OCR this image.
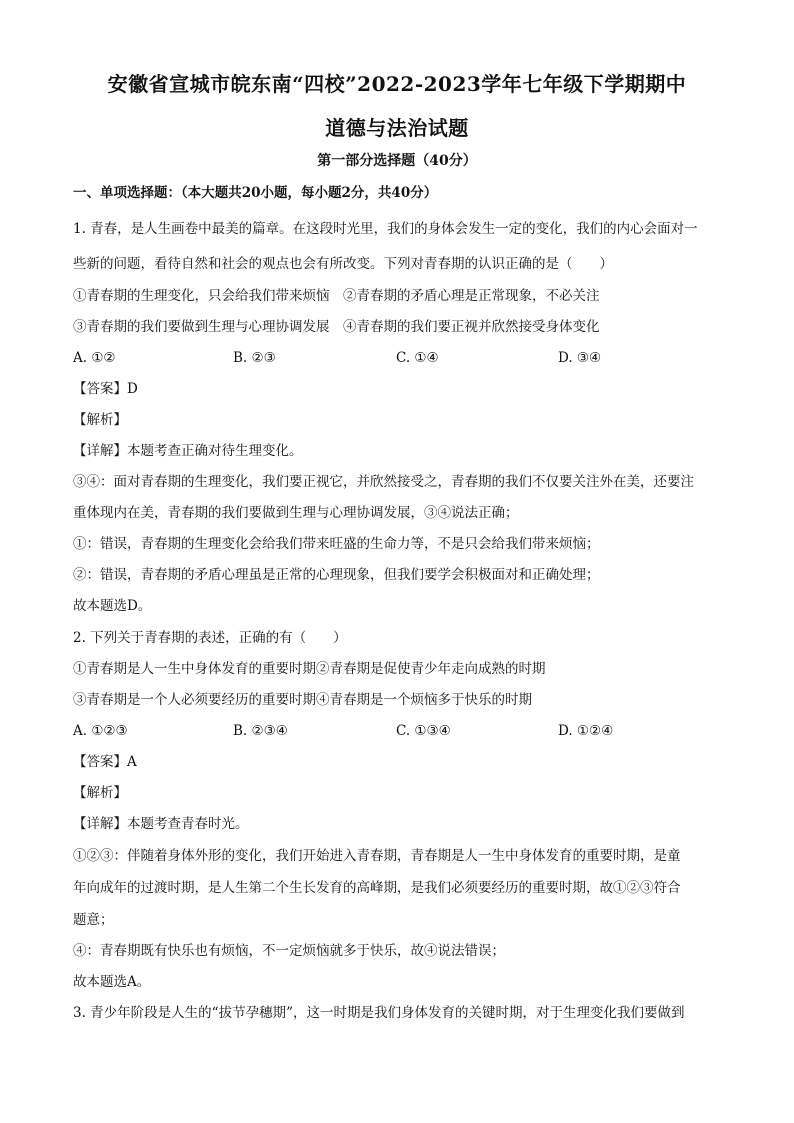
安徽省宣城市皖东南“四校”2022-2023学年七年级下学期期中
道德与法治试题
第一部分选择题（40分）
一、单项选择题：（本大题共20小题，每小题2分，共40分）
1. 青春，是人生画卷中最美的篇章。在这段时光里，我们的身体会发生一定的变化，我们的内心会面对一
些新的问题，看待自然和社会的观点也会有所改变。下列对青春期的认识正确的是（　　）
①青春期的生理变化，只会给我们带来烦恼　②青春期的矛盾心理是正常现象，不必关注
③青春期的我们要做到生理与心理协调发展　④青春期的我们要正视并欣然接受身体变化
A. ①②	B. ②③	C. ①④	D. ③④
【答案】D
【解析】
【详解】本题考查正确对待生理变化。
③④：面对青春期的生理变化，我们要正视它，并欣然接受之，青春期的我们不仅要关注外在美，还要注
重体现内在美，青春期的我们要做到生理与心理协调发展，③④说法正确；
①：错误，青春期的生理变化会给我们带来旺盛的生命力等，不是只会给我们带来烦恼；
②：错误，青春期的矛盾心理虽是正常的心理现象，但我们要学会积极面对和正确处理；
故本题选D。
2. 下列关于青春期的表述，正确的有（　　）
①青春期是人一生中身体发育的重要时期②青春期是促使青少年走向成熟的时期
③青春期是一个人必须要经历的重要时期④青春期是一个烦恼多于快乐的时期
A. ①②③	B. ②③④	C. ①③④	D. ①②④
【答案】A
【解析】
【详解】本题考查青春时光。
①②③：伴随着身体外形的变化，我们开始进入青春期，青春期是人一生中身体发育的重要时期，是童
年向成年的过渡时期，是人生第二个生长发育的高峰期，是我们必须要经历的重要时期，故①②③符合
题意；
④：青春期既有快乐也有烦恼，不一定烦恼就多于快乐，故④说法错误；
故本题选A。
3. 青少年阶段是人生的“拔节孕穗期”，这一时期是我们身体发育的关键时期，对于生理变化我们要做到
